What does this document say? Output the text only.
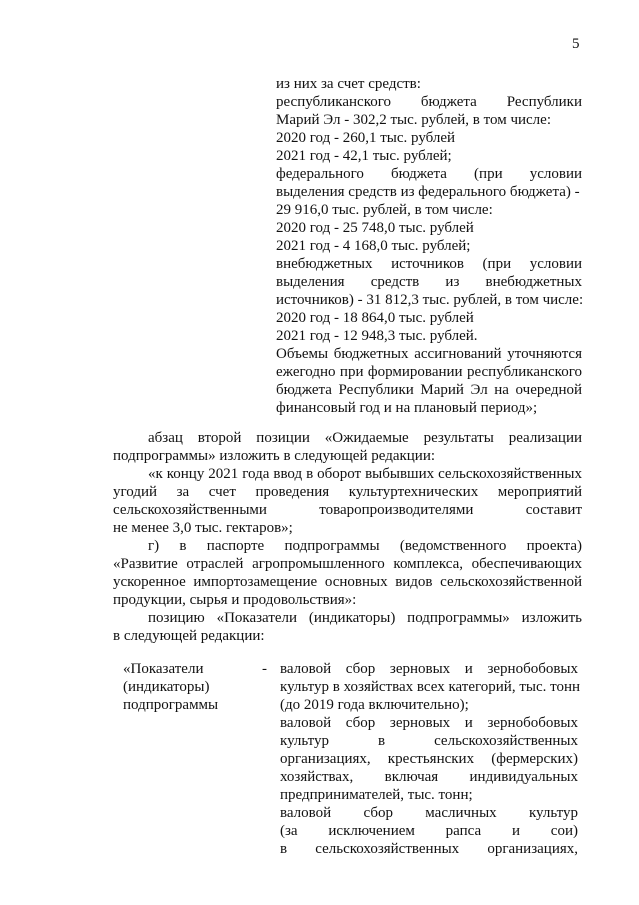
5
из них за счет средств:
республиканского бюджета Республики
Марий Эл - 302,2 тыс. рублей, в том числе:
2020 год - 260,1 тыс. рублей
2021 год - 42,1 тыс. рублей;
федерального бюджета (при условии
выделения средств из федерального бюджета) -
29 916,0 тыс. рублей, в том числе:
2020 год - 25 748,0 тыс. рублей
2021 год - 4 168,0 тыс. рублей;
внебюджетных источников (при условии
выделения средств из внебюджетных
источников) - 31 812,3 тыс. рублей, в том числе:
2020 год - 18 864,0 тыс. рублей
2021 год - 12 948,3 тыс. рублей.
Объемы бюджетных ассигнований уточняются
ежегодно при формировании республиканского
бюджета Республики Марий Эл на очередной
финансовый год и на плановый период»;
абзац второй позиции «Ожидаемые результаты реализации
подпрограммы» изложить в следующей редакции:
«к концу 2021 года ввод в оборот выбывших сельскохозяйственных
угодий за счет проведения культуртехнических мероприятий
сельскохозяйственными товаропроизводителями составит
не менее 3,0 тыс. гектаров»;
г) в паспорте подпрограммы (ведомственного проекта)
«Развитие отраслей агропромышленного комплекса, обеспечивающих
ускоренное импортозамещение основных видов сельскохозяйственной
продукции, сырья и продовольствия»:
позицию «Показатели (индикаторы) подпрограммы» изложить
в следующей редакции:
«Показатели
(индикаторы)
подпрограммы
- валовой сбор зерновых и зернобобовых
культур в хозяйствах всех категорий, тыс. тонн
(до 2019 года включительно);
валовой сбор зерновых и зернобобовых
культур в сельскохозяйственных
организациях, крестьянских (фермерских)
хозяйствах, включая индивидуальных
предпринимателей, тыс. тонн;
валовой сбор масличных культур
(за исключением рапса и сои)
в сельскохозяйственных организациях,
